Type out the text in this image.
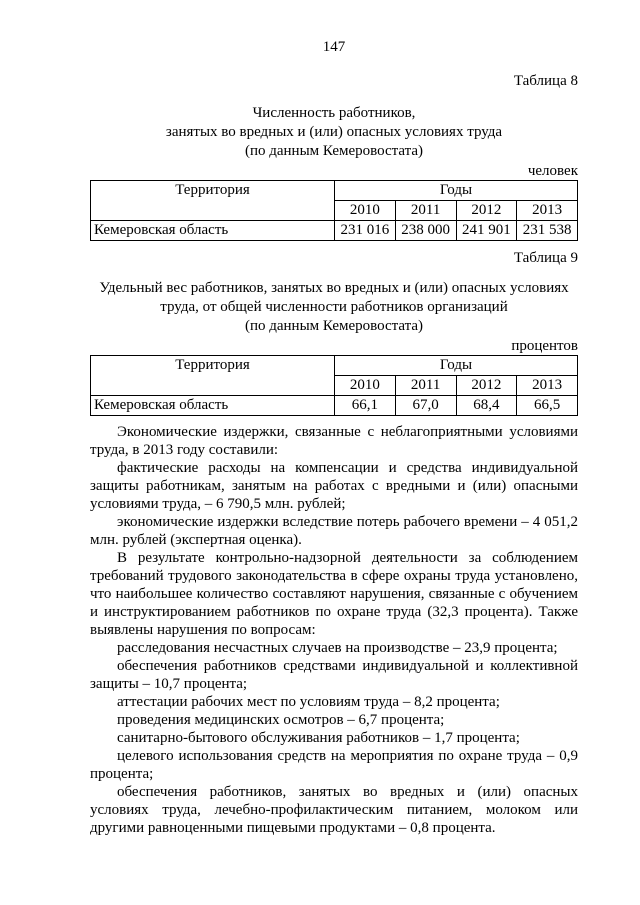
147
Таблица 8
Численность работников,
занятых во вредных и (или) опасных условиях труда
(по данным Кемеровостата)
человек
Территория	Годы			
	2010	2011	2012	2013
Кемеровская область	231 016	238 000	241 901	231 538
Таблица 9
Удельный вес работников, занятых во вредных и (или) опасных условиях
труда, от общей численности работников организаций
(по данным Кемеровостата)
процентов
Территория	Годы			
	2010	2011	2012	2013
Кемеровская область	66,1	67,0	68,4	66,5

Экономические издержки, связанные с неблагоприятными условиями труда, в 2013 году составили:

фактические расходы на компенсации и средства индивидуальной защиты работникам, занятым на работах с вредными и (или) опасными условиями труда, – 6 790,5 млн. рублей;

экономические издержки вследствие потерь рабочего времени – 4 051,2 млн. рублей (экспертная оценка).

В результате контрольно-надзорной деятельности за соблюдением требований трудового законодательства в сфере охраны труда установлено, что наибольшее количество составляют нарушения, связанные с обучением и инструктированием работников по охране труда (32,3 процента). Также выявлены нарушения по вопросам:

расследования несчастных случаев на производстве – 23,9 процента;

обеспечения работников средствами индивидуальной и коллективной защиты – 10,7 процента;

аттестации рабочих мест по условиям труда – 8,2 процента;

проведения медицинских осмотров – 6,7 процента;

санитарно-бытового обслуживания работников – 1,7 процента;

целевого использования средств на мероприятия по охране труда – 0,9 процента;

обеспечения работников, занятых во вредных и (или) опасных условиях труда, лечебно-профилактическим питанием, молоком или другими равноценными пищевыми продуктами – 0,8 процента.
